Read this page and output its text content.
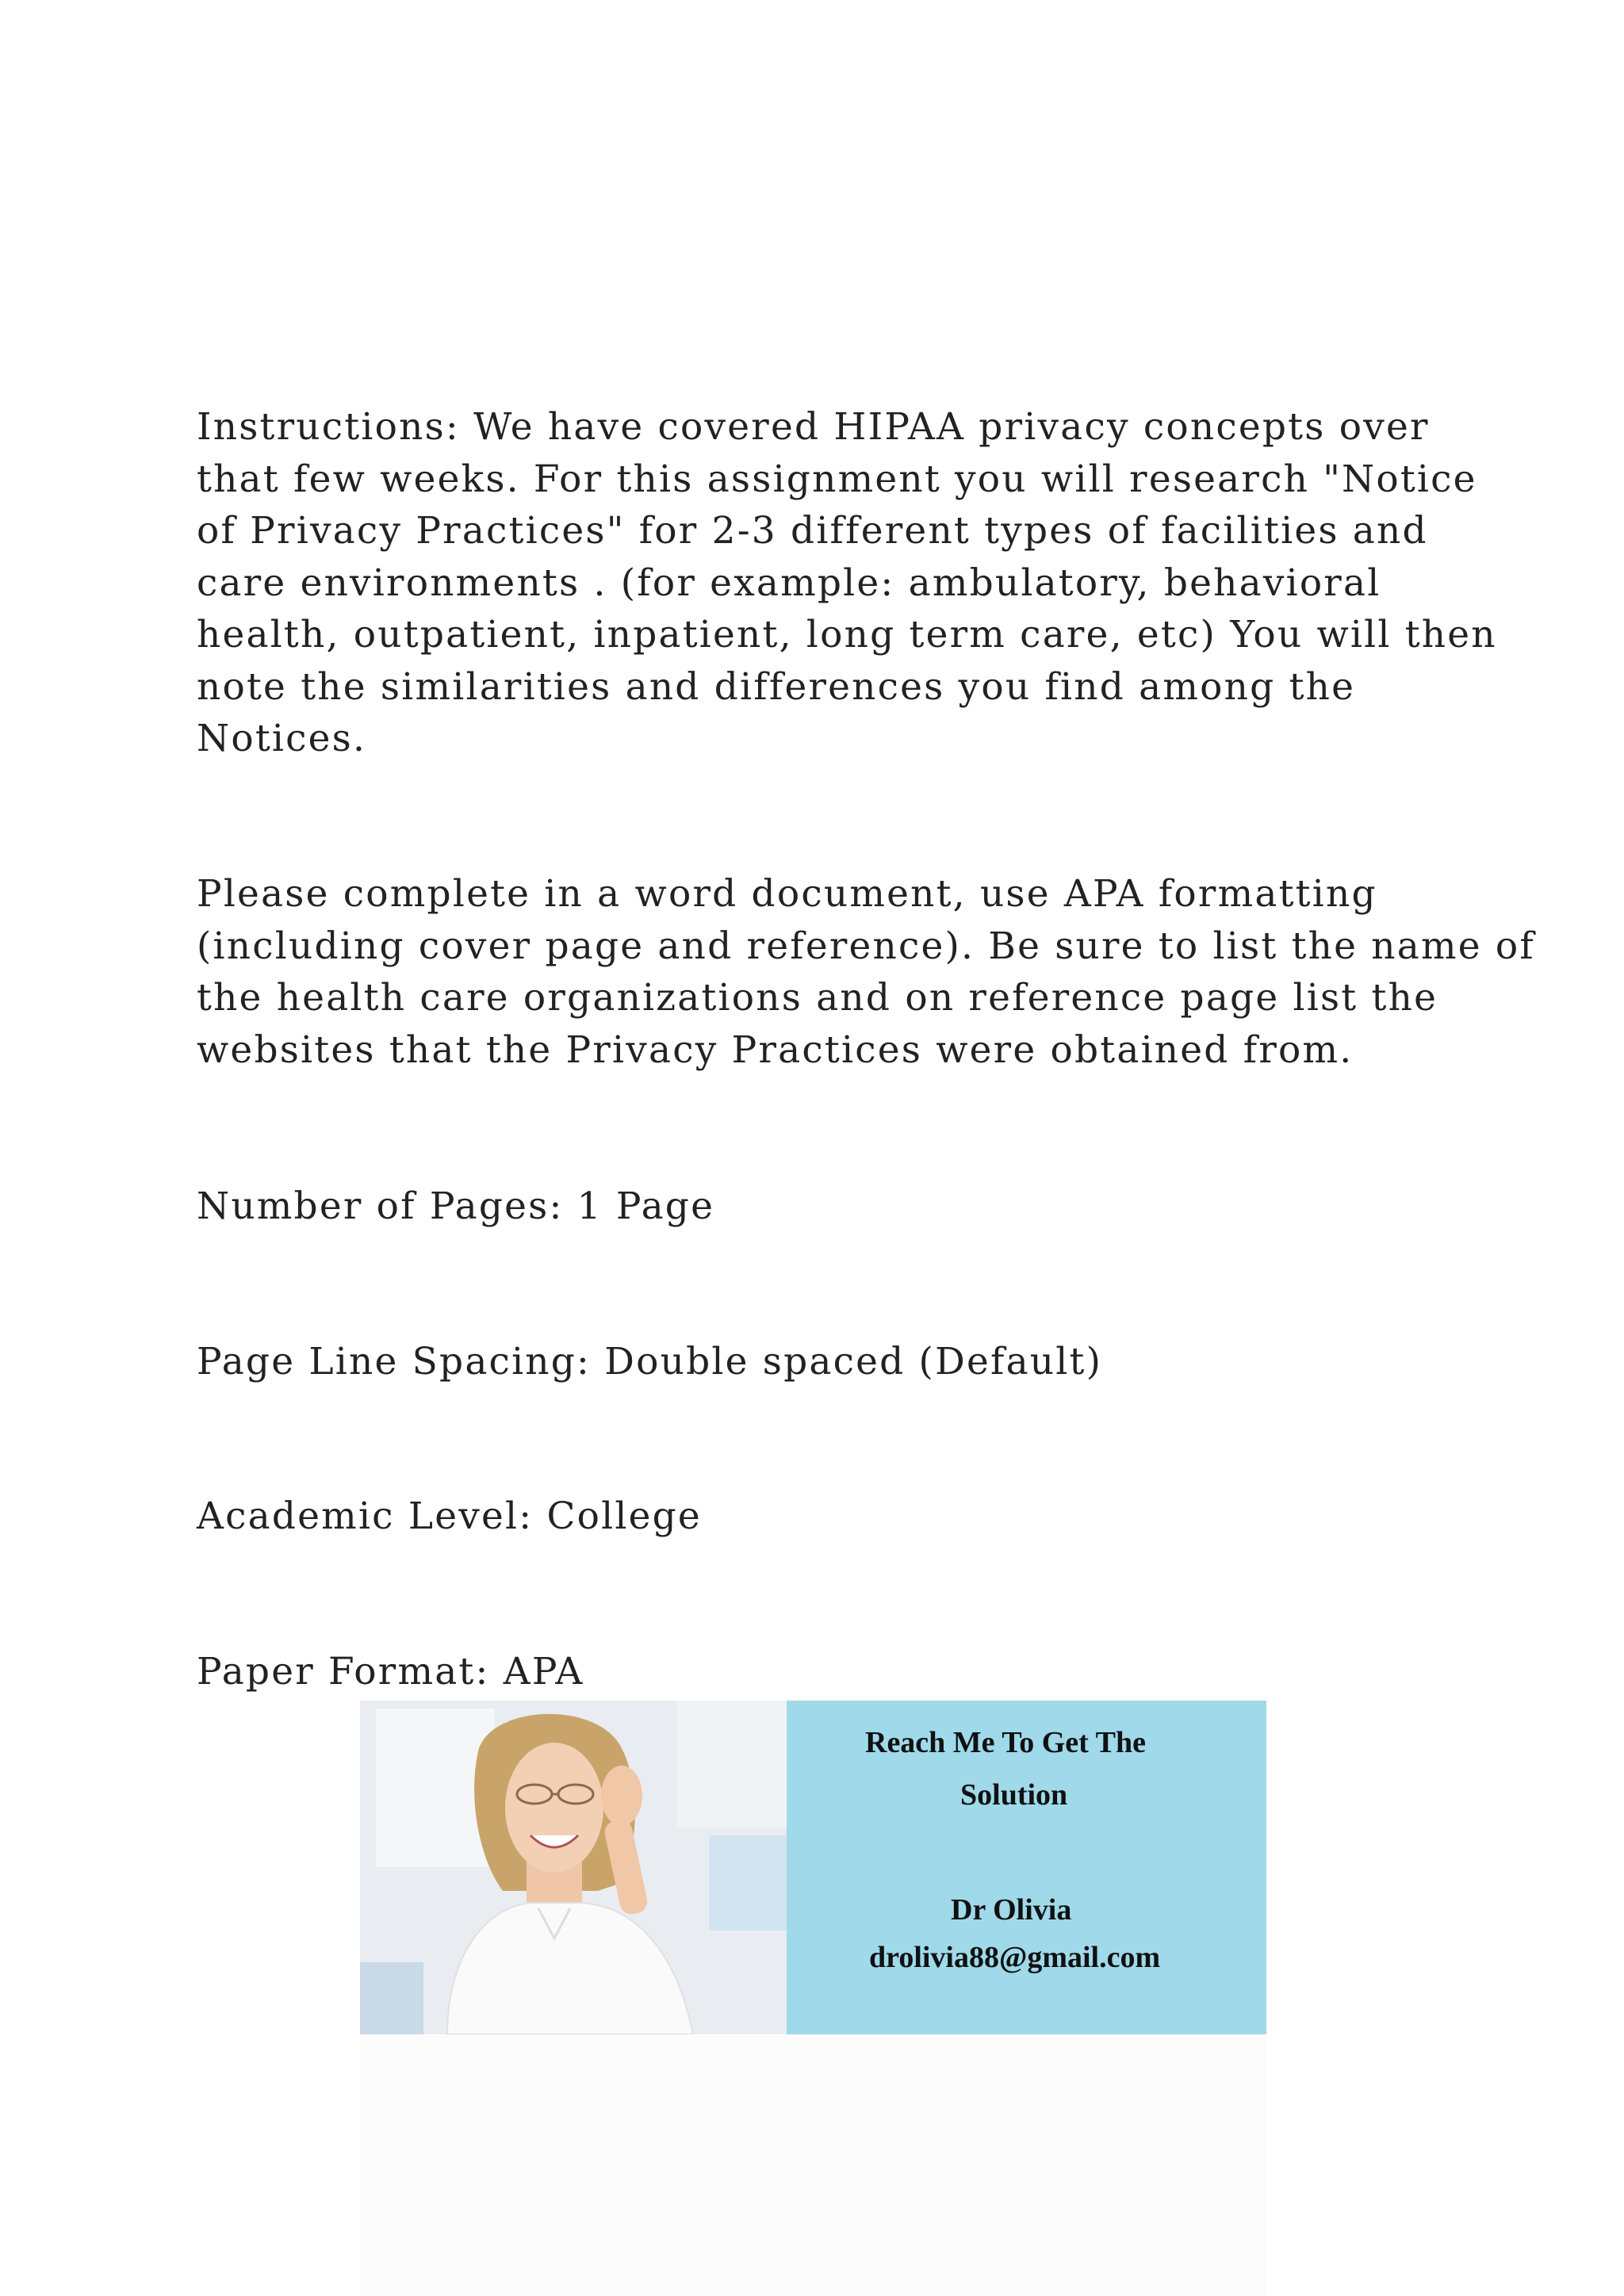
Instructions: We have covered HIPAA privacy concepts over
that few weeks. For this assignment you will research "Notice
of Privacy Practices" for 2-3 different types of facilities and
care environments . (for example: ambulatory, behavioral
health, outpatient, inpatient, long term care, etc) You will then
note the similarities and differences you find among the
Notices.

Please complete in a word document, use APA formatting
(including cover page and reference). Be sure to list the name of
the health care organizations and on reference page list the
websites that the Privacy Practices were obtained from.

Number of Pages: 1 Page

Page Line Spacing: Double spaced (Default)

Academic Level: College

Paper Format: APA

Reach Me To Get The

Solution

Dr Olivia

drolivia88@gmail.com
